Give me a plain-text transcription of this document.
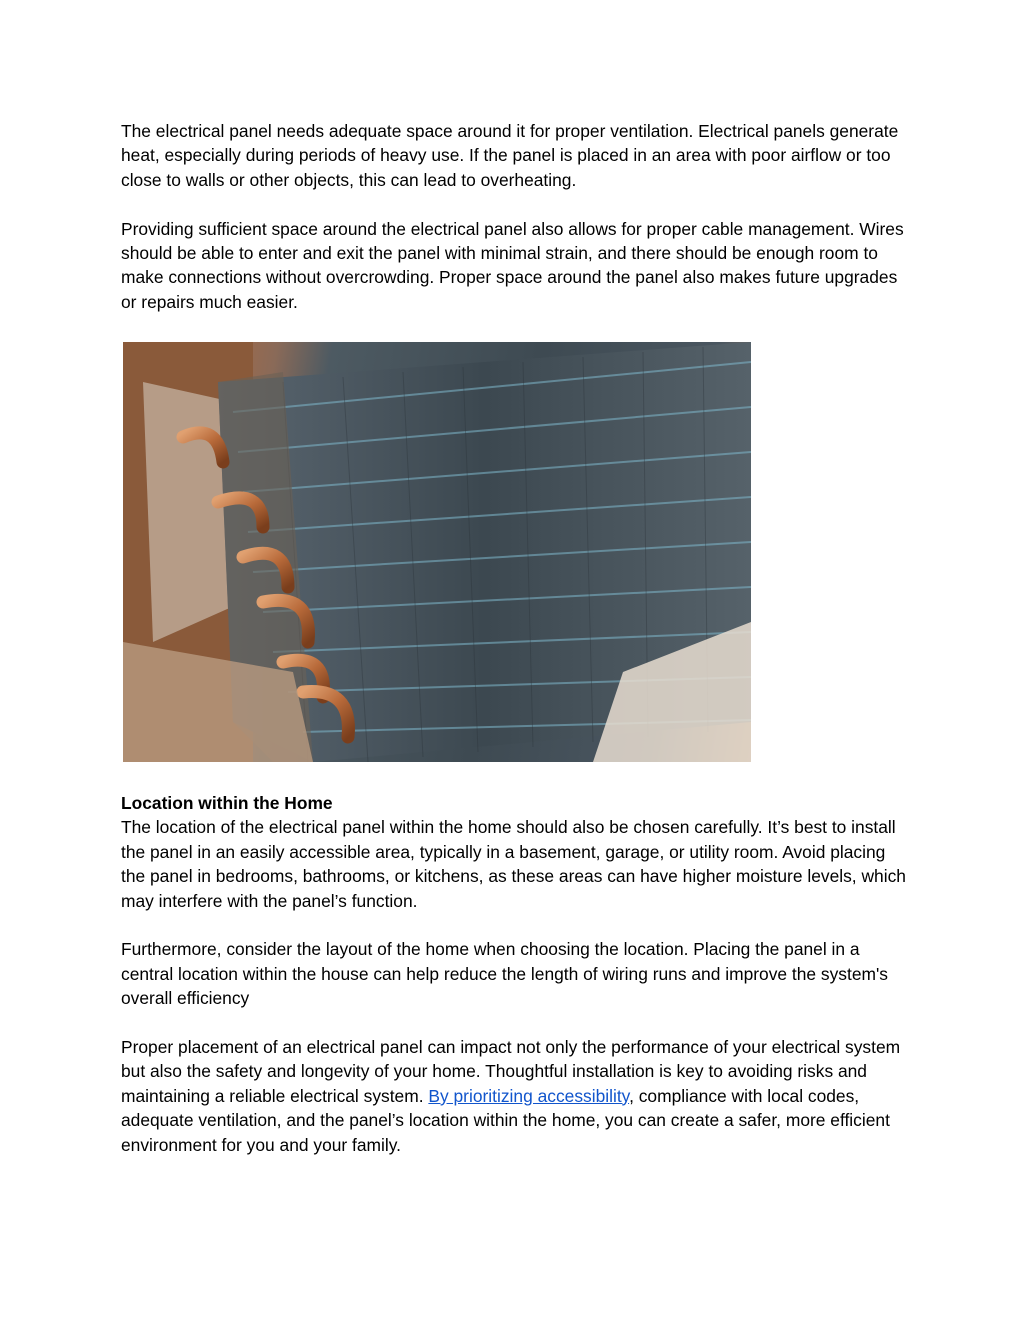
The electrical panel needs adequate space around it for proper ventilation. Electrical panels generate heat, especially during periods of heavy use. If the panel is placed in an area with poor airflow or too close to walls or other objects, this can lead to overheating.

Providing sufficient space around the electrical panel also allows for proper cable management. Wires should be able to enter and exit the panel with minimal strain, and there should be enough room to make connections without overcrowding. Proper space around the panel also makes future upgrades or repairs much easier.

Location within the Home

The location of the electrical panel within the home should also be chosen carefully. It’s best to install the panel in an easily accessible area, typically in a basement, garage, or utility room. Avoid placing the panel in bedrooms, bathrooms, or kitchens, as these areas can have higher moisture levels, which may interfere with the panel’s function.

Furthermore, consider the layout of the home when choosing the location. Placing the panel in a central location within the house can help reduce the length of wiring runs and improve the system's overall efficiency

Proper placement of an electrical panel can impact not only the performance of your electrical system but also the safety and longevity of your home. Thoughtful installation is key to avoiding risks and maintaining a reliable electrical system. By prioritizing accessibility, compliance with local codes, adequate ventilation, and the panel’s location within the home, you can create a safer, more efficient environment for you and your family.
